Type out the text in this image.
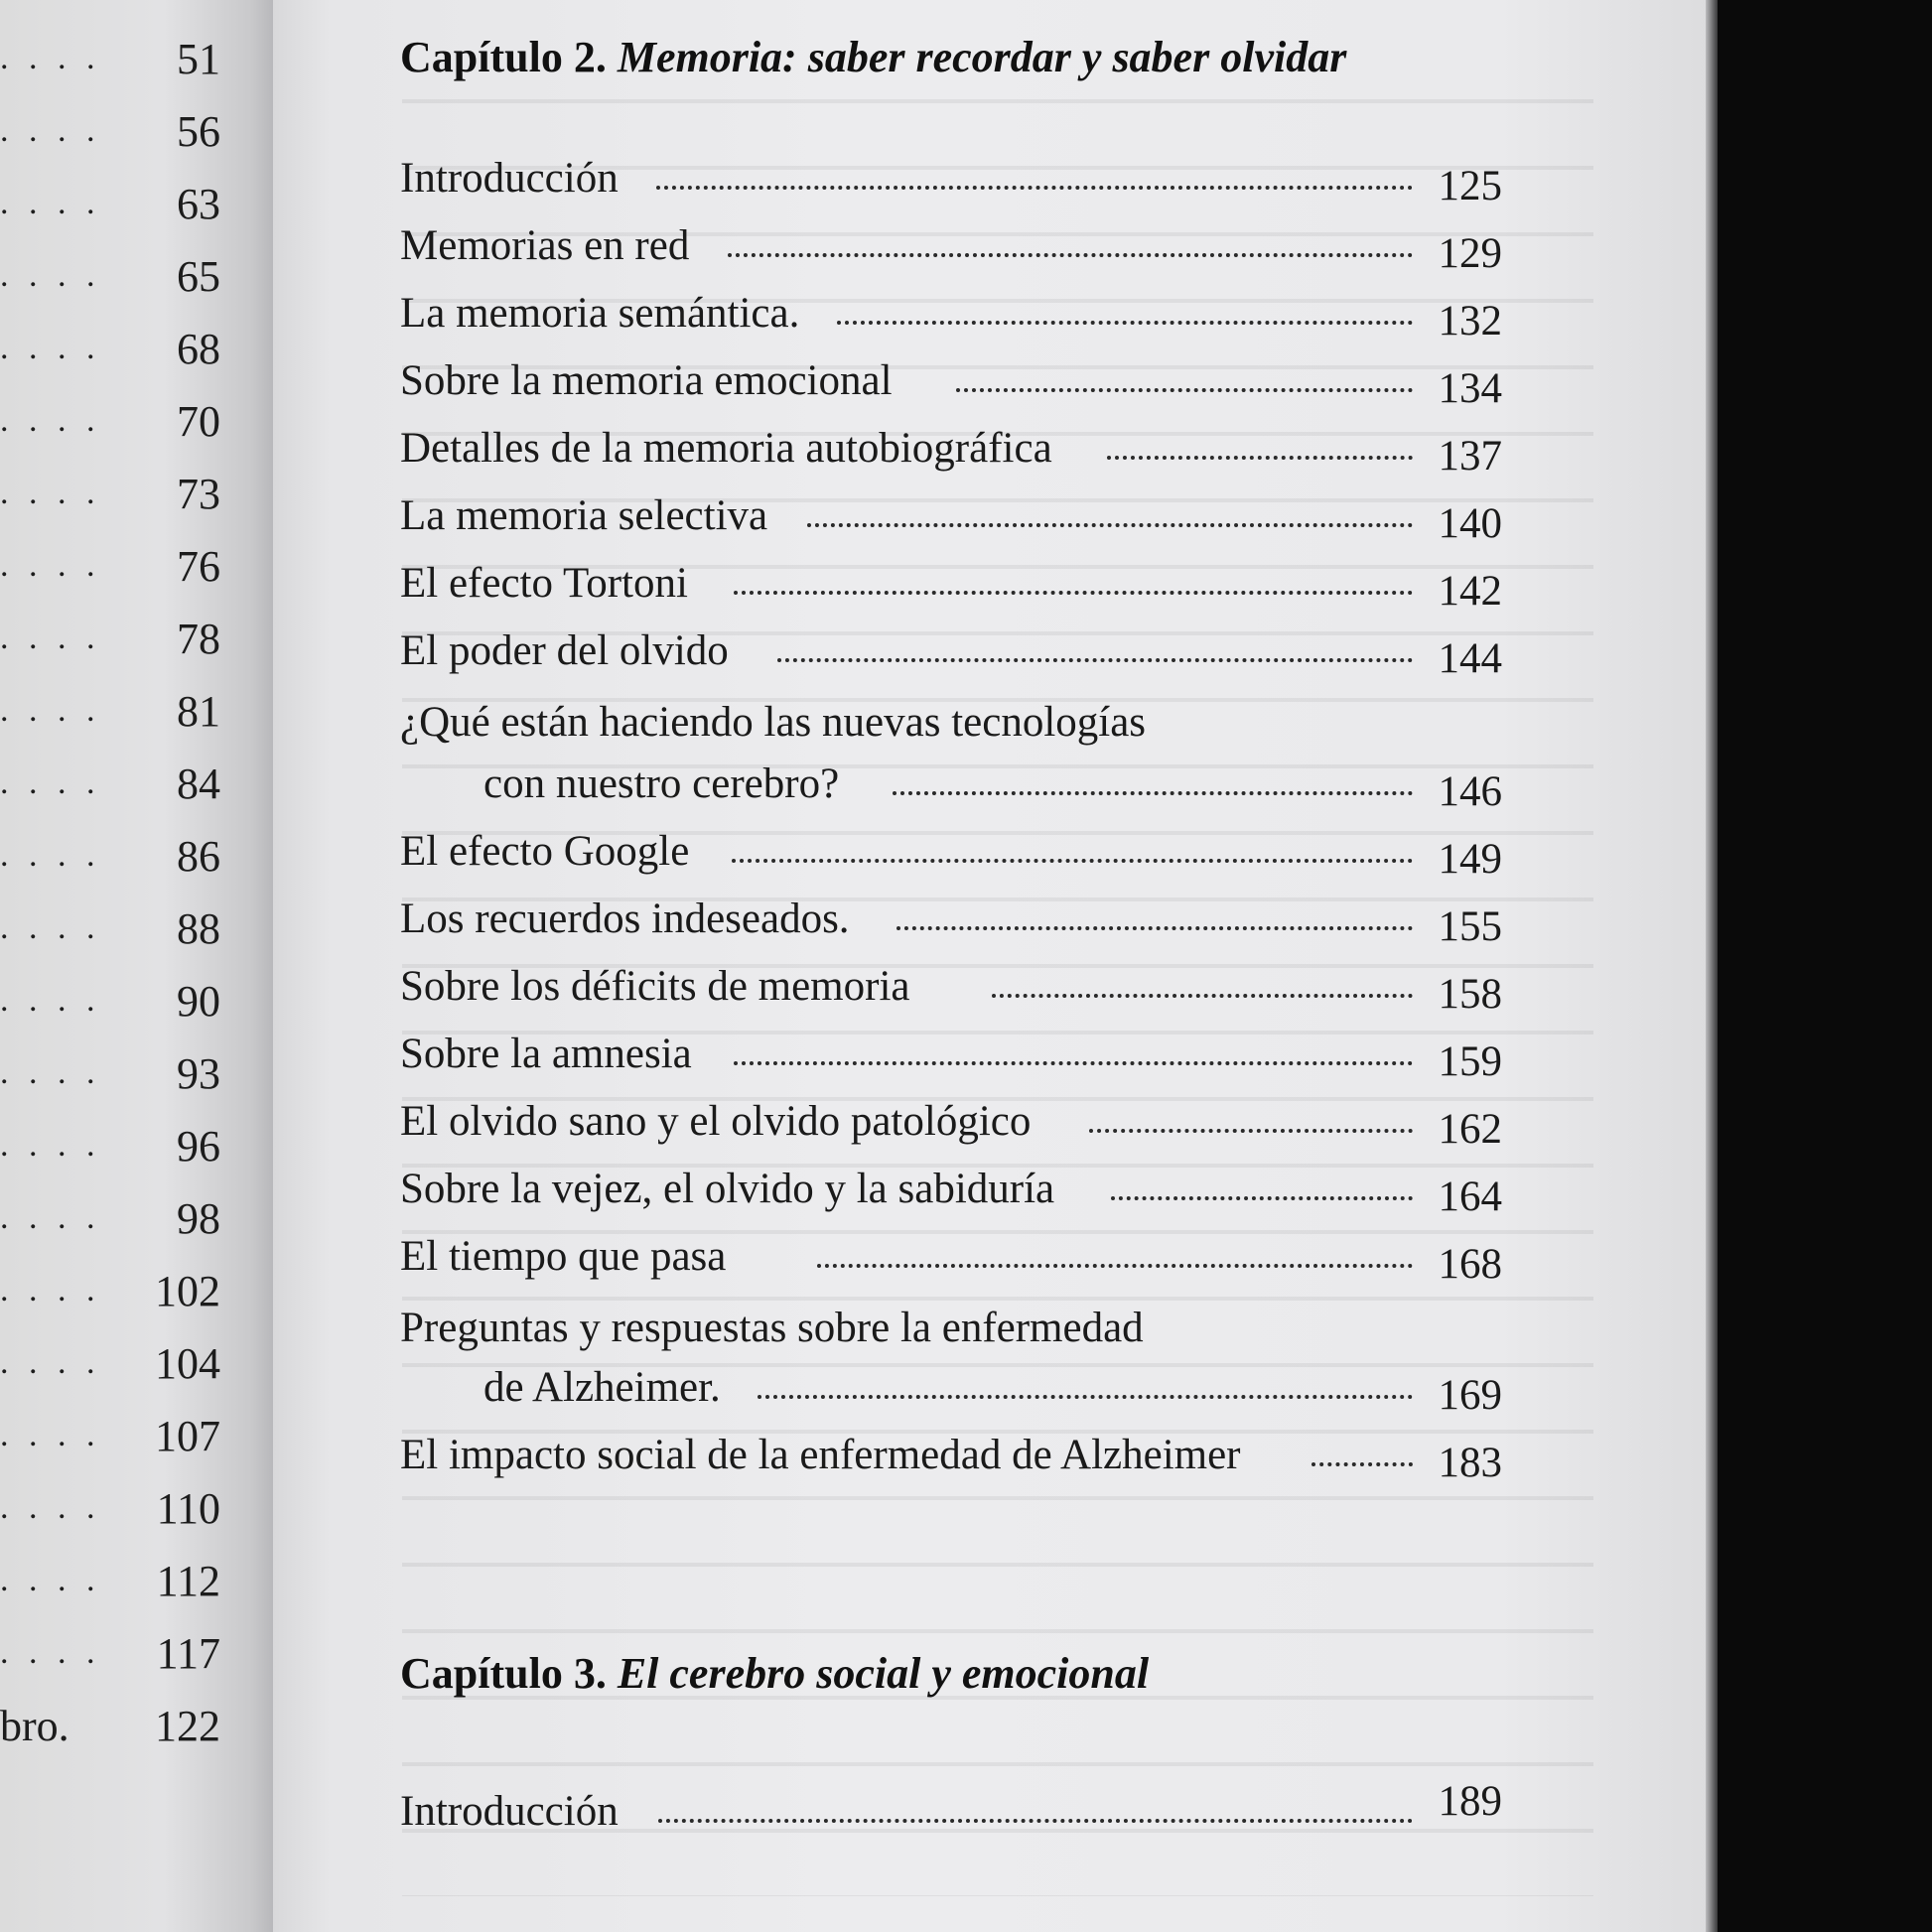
. . . . 51
. . . . 56
. . . . 63
. . . . 65
. . . . 68
. . . . 70
. . . . 73
. . . . 76
. . . . 78
. . . . 81
. . . . 84
. . . . 86
. . . . 88
. . . . 90
. . . . 93
. . . . 96
. . . . 98
. . . . 102
. . . . 104
. . . . 107
. . . . 110
. . . . 112
. . . . 117
bro. 122
Capítulo 2. Memoria: saber recordar y saber olvidar
Introducción	125
Memorias en red	129
La memoria semántica.	132
Sobre la memoria emocional	134
Detalles de la memoria autobiográfica	137
La memoria selectiva	140
El efecto Tortoni	142
El poder del olvido	144
¿Qué están haciendo las nuevas tecnologías
con nuestro cerebro?	146
El efecto Google	149
Los recuerdos indeseados.	155
Sobre los déficits de memoria	158
Sobre la amnesia	159
El olvido sano y el olvido patológico	162
Sobre la vejez, el olvido y la sabiduría	164
El tiempo que pasa	168
Preguntas y respuestas sobre la enfermedad
de Alzheimer.	169
El impacto social de la enfermedad de Alzheimer	183
Capítulo 3. El cerebro social y emocional
Introducción	189
